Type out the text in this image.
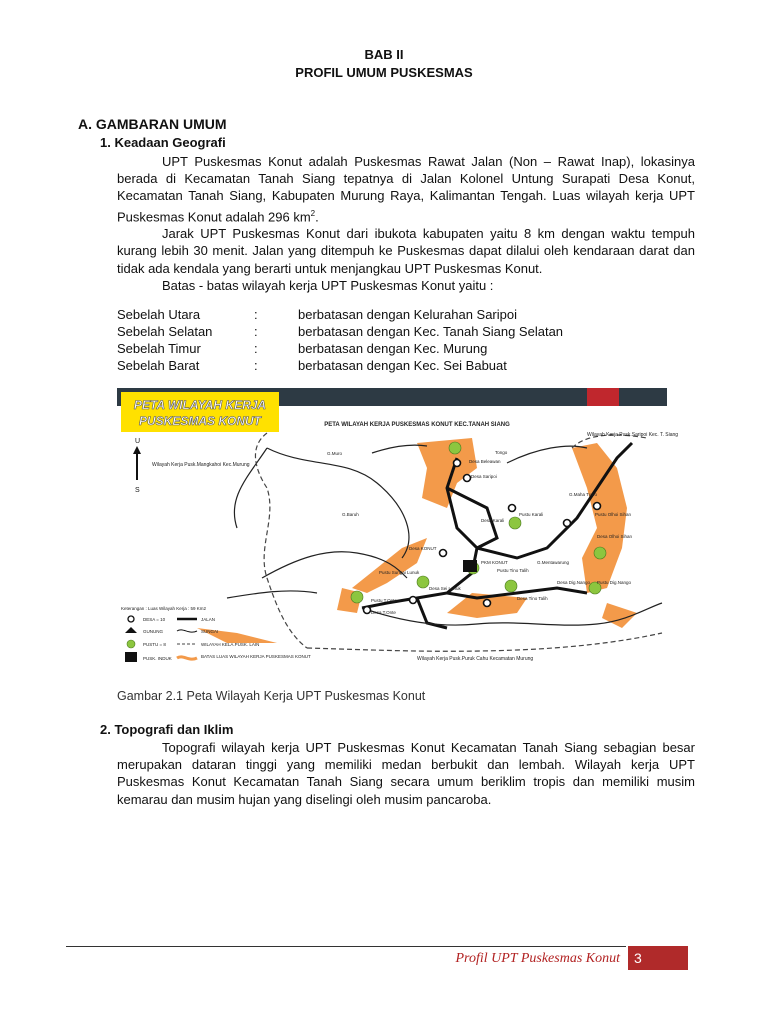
BAB II
PROFIL UMUM PUSKESMAS
A. GAMBARAN UMUM
1. Keadaan Geografi

UPT Puskesmas Konut adalah Puskesmas Rawat Jalan (Non – Rawat Inap), lokasinya berada di Kecamatan Tanah Siang tepatnya di Jalan Kolonel Untung Surapati Desa Konut, Kecamatan Tanah Siang, Kabupaten Murung Raya, Kalimantan Tengah. Luas wilayah kerja UPT Puskesmas Konut adalah 296 $km^2$.

Jarak UPT Puskesmas Konut dari ibukota kabupaten yaitu 8 km dengan waktu tempuh kurang lebih 30 menit. Jalan yang ditempuh ke Puskesmas dapat dilalui oleh kendaraan darat dan tidak ada kendala yang berarti untuk menjangkau UPT Puskesmas Konut.

Batas - batas wilayah kerja UPT Puskesmas Konut yaitu :

Sebelah Utara	:	berbatasan dengan Kelurahan Saripoi
Sebelah Selatan	:	berbatasan dengan Kec. Tanah Siang Selatan
Sebelah Timur	:	berbatasan dengan Kec. Murung
Sebelah Barat	:	berbatasan dengan Kec. Sei Babuat
PETA WILAYAH KERJA
PUSKESMAS KONUT	PETA WILAYAH KERJA PUSKESMAS KONUT KEC.TANAH SIANG
U
S
Wilayah Kerja Pusk.Mangkahoi Kec.Murung
Wilayah Kerja Pusk.Saripoi Kec. T. Siang
Wilayah Kerja Pusk.Puruk Cahu Kecamatan Murung
G.Muro
Desa Beleawan
Tongo
Desa Saripoi
G.Baruh
Desa Karali
Pustu Karali
G.Maha Tuwo
Pustu Olhoi Sihan
Desa Olhoi Sihan
Desa KONUT
PKM KONUT	G.Mentawarung
Pustu Sungai Lunuk	Pustu Tino Talih
Desa Dig.Nango Pustu Dig.Nango
Desa Sei Lunuk
Desa Tino Talih
Pustu T.Onte
Desa T.Onte
Keterangan : Luas Wilayah Kerja : 59 Km2
DESA = 10	JALAN
GUNUNG	SUNGAI
PUSTU = 8	WILAYAH KELA.PUSK. LAIN
PUSK. INDUK	BATAS LUAS WILAYAH KERJA PUSKESMAS KONUT
Gambar 2.1 Peta Wilayah Kerja UPT Puskesmas Konut
2. Topografi dan Iklim

Topografi wilayah kerja UPT Puskesmas Konut Kecamatan Tanah Siang sebagian besar merupakan dataran tinggi yang memiliki medan berbukit dan lembah. Wilayah kerja UPT Puskesmas Konut Kecamatan Tanah Siang secara umum beriklim tropis dan memiliki musim kemarau dan musim hujan yang diselingi oleh musim pancaroba.

Profil UPT Puskesmas Konut	3
